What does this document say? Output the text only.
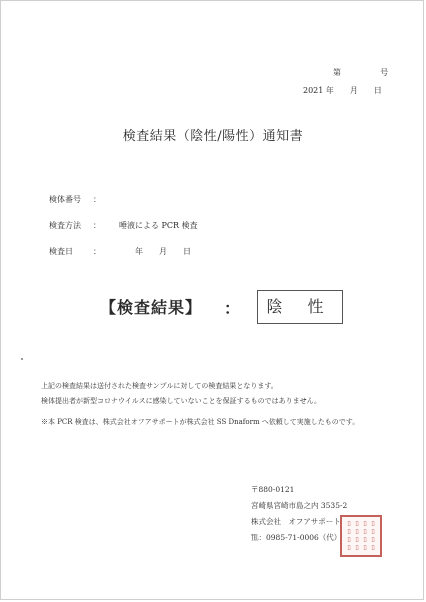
第	号
2021 年　　月　　日
検査結果（陰性/陽性）通知書
検体番号 ：
検査方法 ： 唾液による PCR 検査
検査日	：	年　　月　　日
【検査結果】 ：	陰 性
上記の検査結果は送付された検査サンプルに対しての検査結果となります。
検体提出者が新型コロナウイルスに感染していないことを保証するものではありません。
※本 PCR 検査は、株式会社オフアサポートが株式会社 SS Dnaform へ依頼して実施したものです。
〒880-0121
宮崎県宮崎市島之内 3535-2
株式会社　オフアサポート
℡：0985-71-0006（代）
▯ ▯ ▯ ▯
▯ ▯ ▯ ▯
▯ ▯ ▯ ▯
▯ ▯ ▯ ▯
